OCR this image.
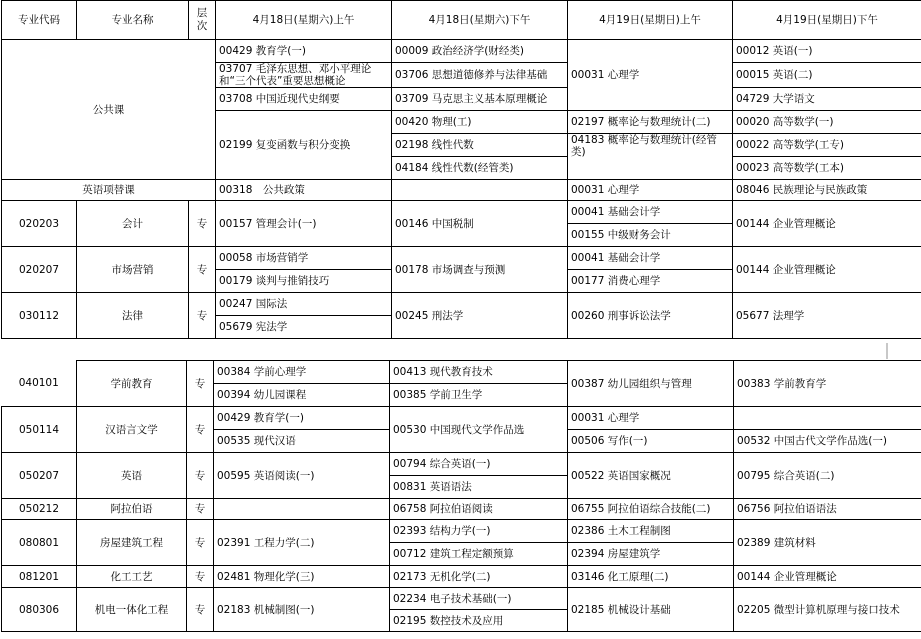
专业代码	专业名称	层次	4月18日(星期六)上午	4月18日(星期六)下午	4月19日(星期日)上午	4月19日(星期日)下午
公共课			00429 教育学(一)	00009 政治经济学(财经类)	00031 心理学	00012 英语(一)
			03707 毛泽东思想、邓小平理论和“三个代表”重要思想概论	03706 思想道德修养与法律基础		00015 英语(二)
			03708 中国近现代史纲要	03709 马克思主义基本原理概论		04729 大学语文
			02199 复变函数与积分变换	00420 物理(工)	02197 概率论与数理统计(二)	00020 高等数学(一)
				02198 线性代数	04183 概率论与数理统计(经管类)	00022 高等数学(工专)
				04184 线性代数(经管类)		00023 高等数学(工本)
英语项替课			00318　公共政策		00031 心理学	08046 民族理论与民族政策
020203	会计	专	00157 管理会计(一)	00146 中国税制	00041 基础会计学	00144 企业管理概论
					00155 中级财务会计	
020207	市场营销	专	00058 市场营销学	00178 市场调查与预测	00041 基础会计学	00144 企业管理概论
			00179 谈判与推销技巧		00177 消费心理学	
030112	法律	专	00247 国际法	00245 刑法学	00260 刑事诉讼法学	05677 法理学
			05679 宪法学			
040101	学前教育	专	00384 学前心理学	00413 现代教育技术	00387 幼儿园组织与管理	00383 学前教育学
			00394 幼儿园课程	00385 学前卫生学		
050114	汉语言文学	专	00429 教育学(一)	00530 中国现代文学作品选	00031 心理学	
			00535 现代汉语		00506 写作(一)	00532 中国古代文学作品选(一)
050207	英语	专	00595 英语阅读(一)	00794 综合英语(一)	00522 英语国家概况	00795 综合英语(二)
				00831 英语语法		
050212	阿拉伯语	专		06758 阿拉伯语阅读	06755 阿拉伯语综合技能(二)	06756 阿拉伯语语法
080801	房屋建筑工程	专	02391 工程力学(二)	02393 结构力学(一)	02386 土木工程制图	02389 建筑材料
				00712 建筑工程定额预算	02394 房屋建筑学	
081201	化工工艺	专	02481 物理化学(三)	02173 无机化学(二)	03146 化工原理(二)	00144 企业管理概论
080306	机电一体化工程	专	02183 机械制图(一)	02234 电子技术基础(一)	02185 机械设计基础	02205 微型计算机原理与接口技术
				02195 数控技术及应用		
